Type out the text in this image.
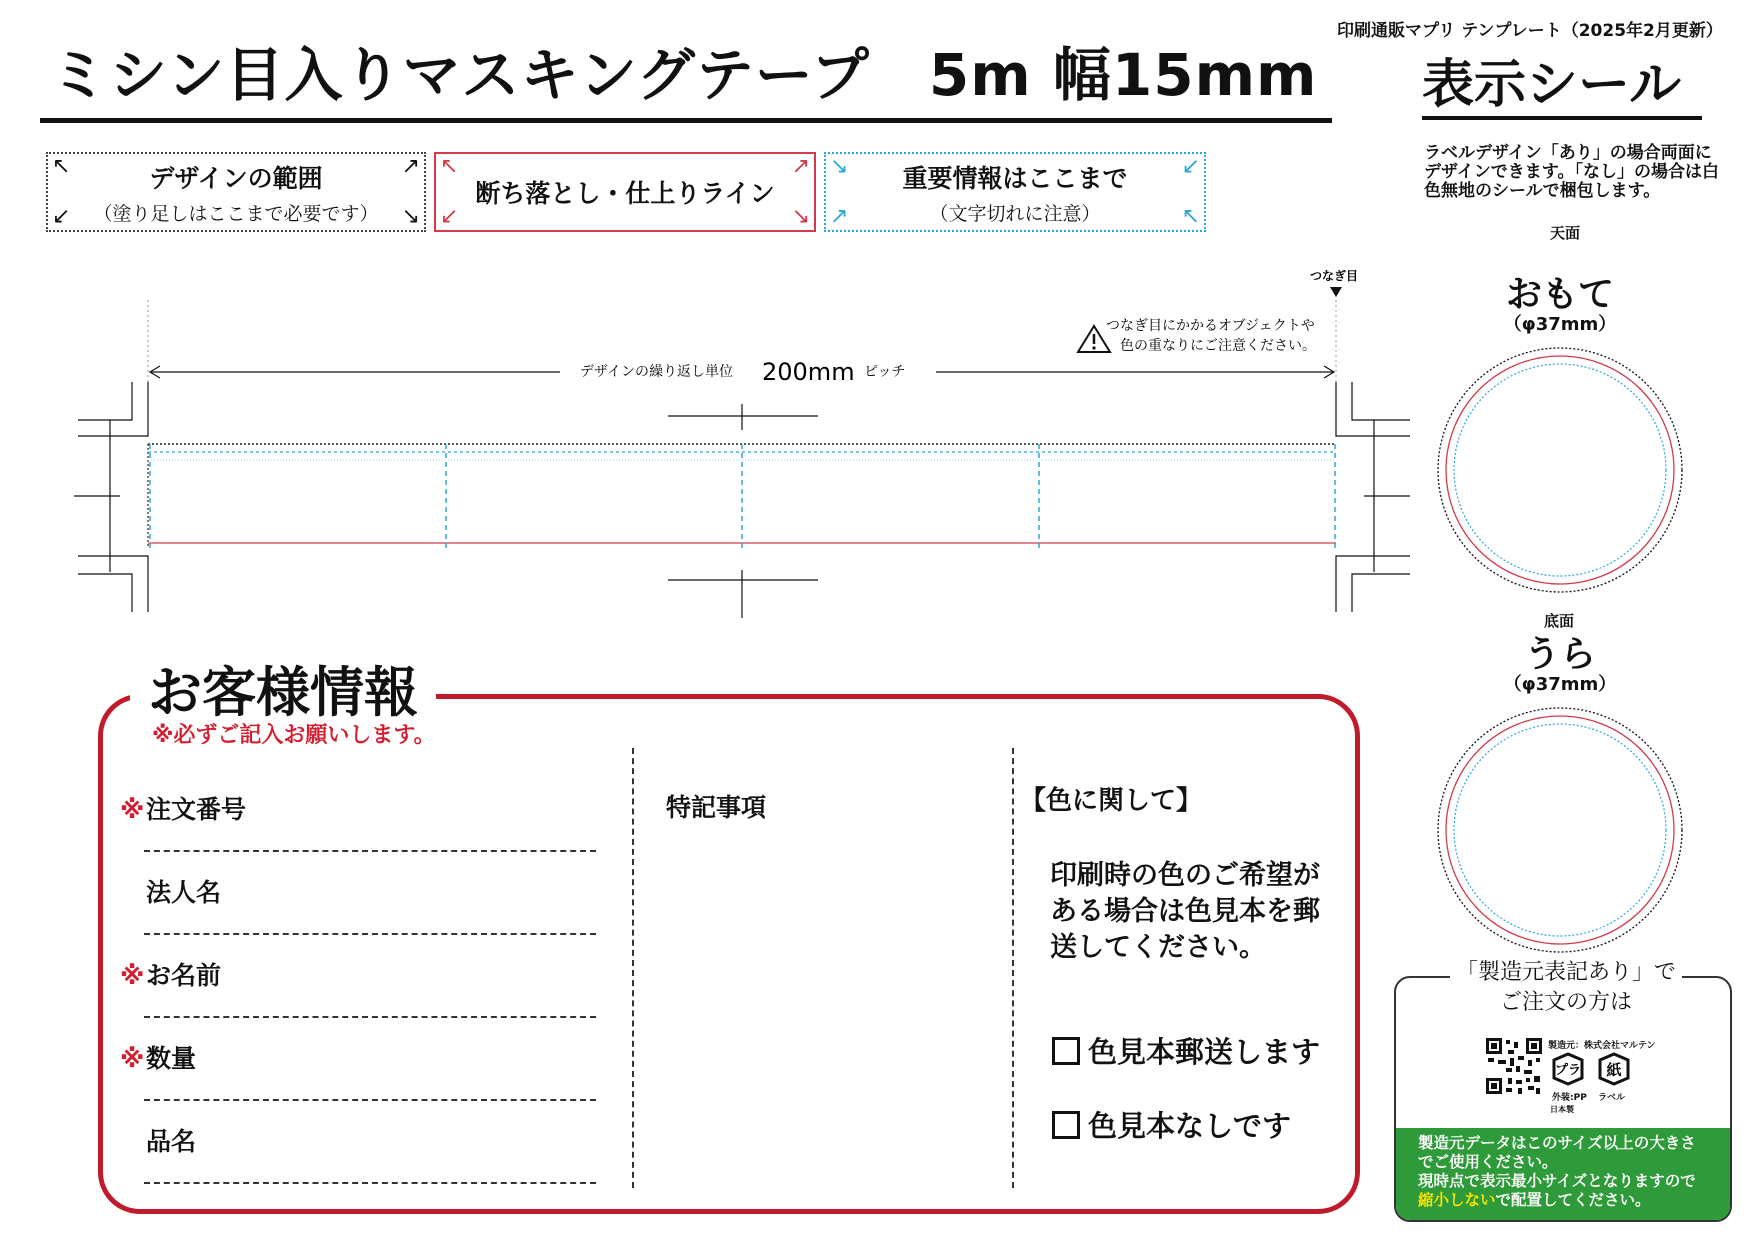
ミシン目入りマスキングテープ　5m 幅15mm
印刷通販マプリ テンプレート（2025年2月更新）
表示シール
ラベルデザイン「あり」の場合両面にデザインできます。「なし」の場合は白色無地のシールで梱包します。
↖	↗
↙	↘
デザインの範囲
（塗り足しはここまで必要です）
↖	↗
↙	↘
断ち落とし・仕上りライン
↘	↙
↗	↖
重要情報はここまで
（文字切れに注意）
デザインの繰り返し単位 200mm ピッチ
つなぎ目
つなぎ目にかかるオブジェクトや
色の重なりにご注意ください。
天面
おもて
（φ37mm）
底面
うら
（φ37mm）
お客様情報
※必ずご記入お願いします。
※注文番号
法人名
※お名前
※数量
品名
特記事項	【色に関して】
印刷時の色のご希望がある場合は色見本を郵送してください。
色見本郵送します
色見本なしです	製造元データはこのサイズ以上の大きさ
でご使用ください。
現時点で表示最小サイズとなりますので
縮小しないで配置してください。
「製造元表記あり」で
ご注文の方は
製造元：株式会社マルテン
プラ 紙
外装:PP ラベル
日本製
